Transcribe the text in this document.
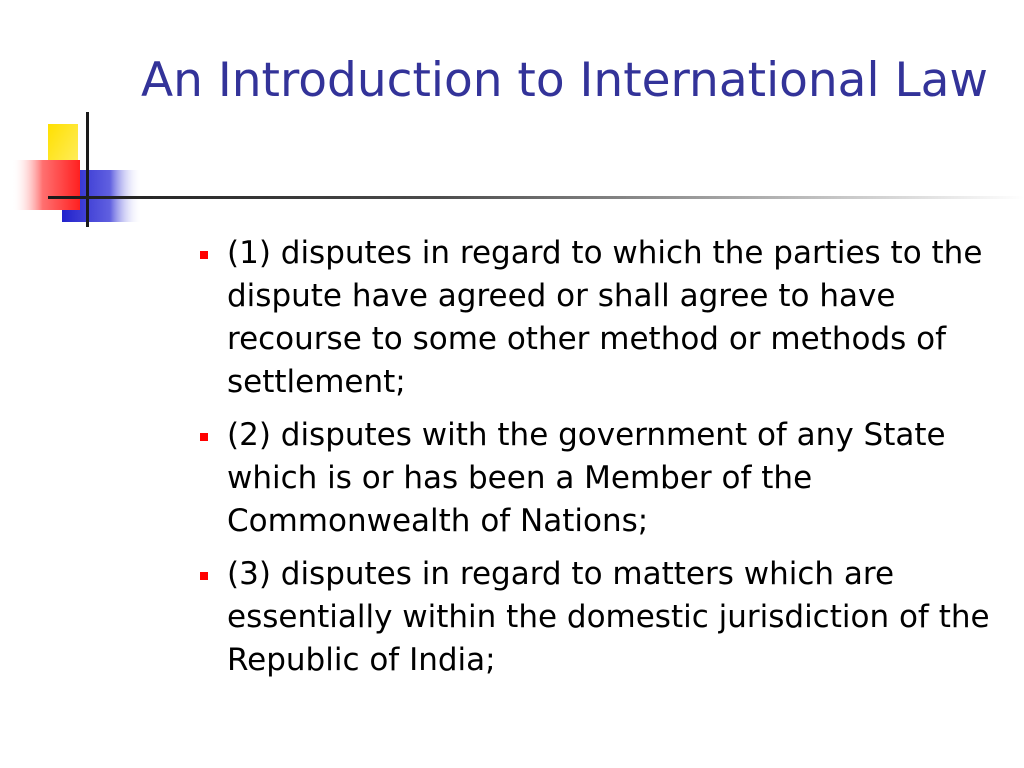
An Introduction to International Law
(1) disputes in regard to which the parties to the dispute have agreed or shall agree to have recourse to some other method or methods of settlement;
(2) disputes with the government of any State which is or has been a Member of the Commonwealth of Nations;
(3) disputes in regard to matters which are essentially within the domestic jurisdiction of the Republic of India;
